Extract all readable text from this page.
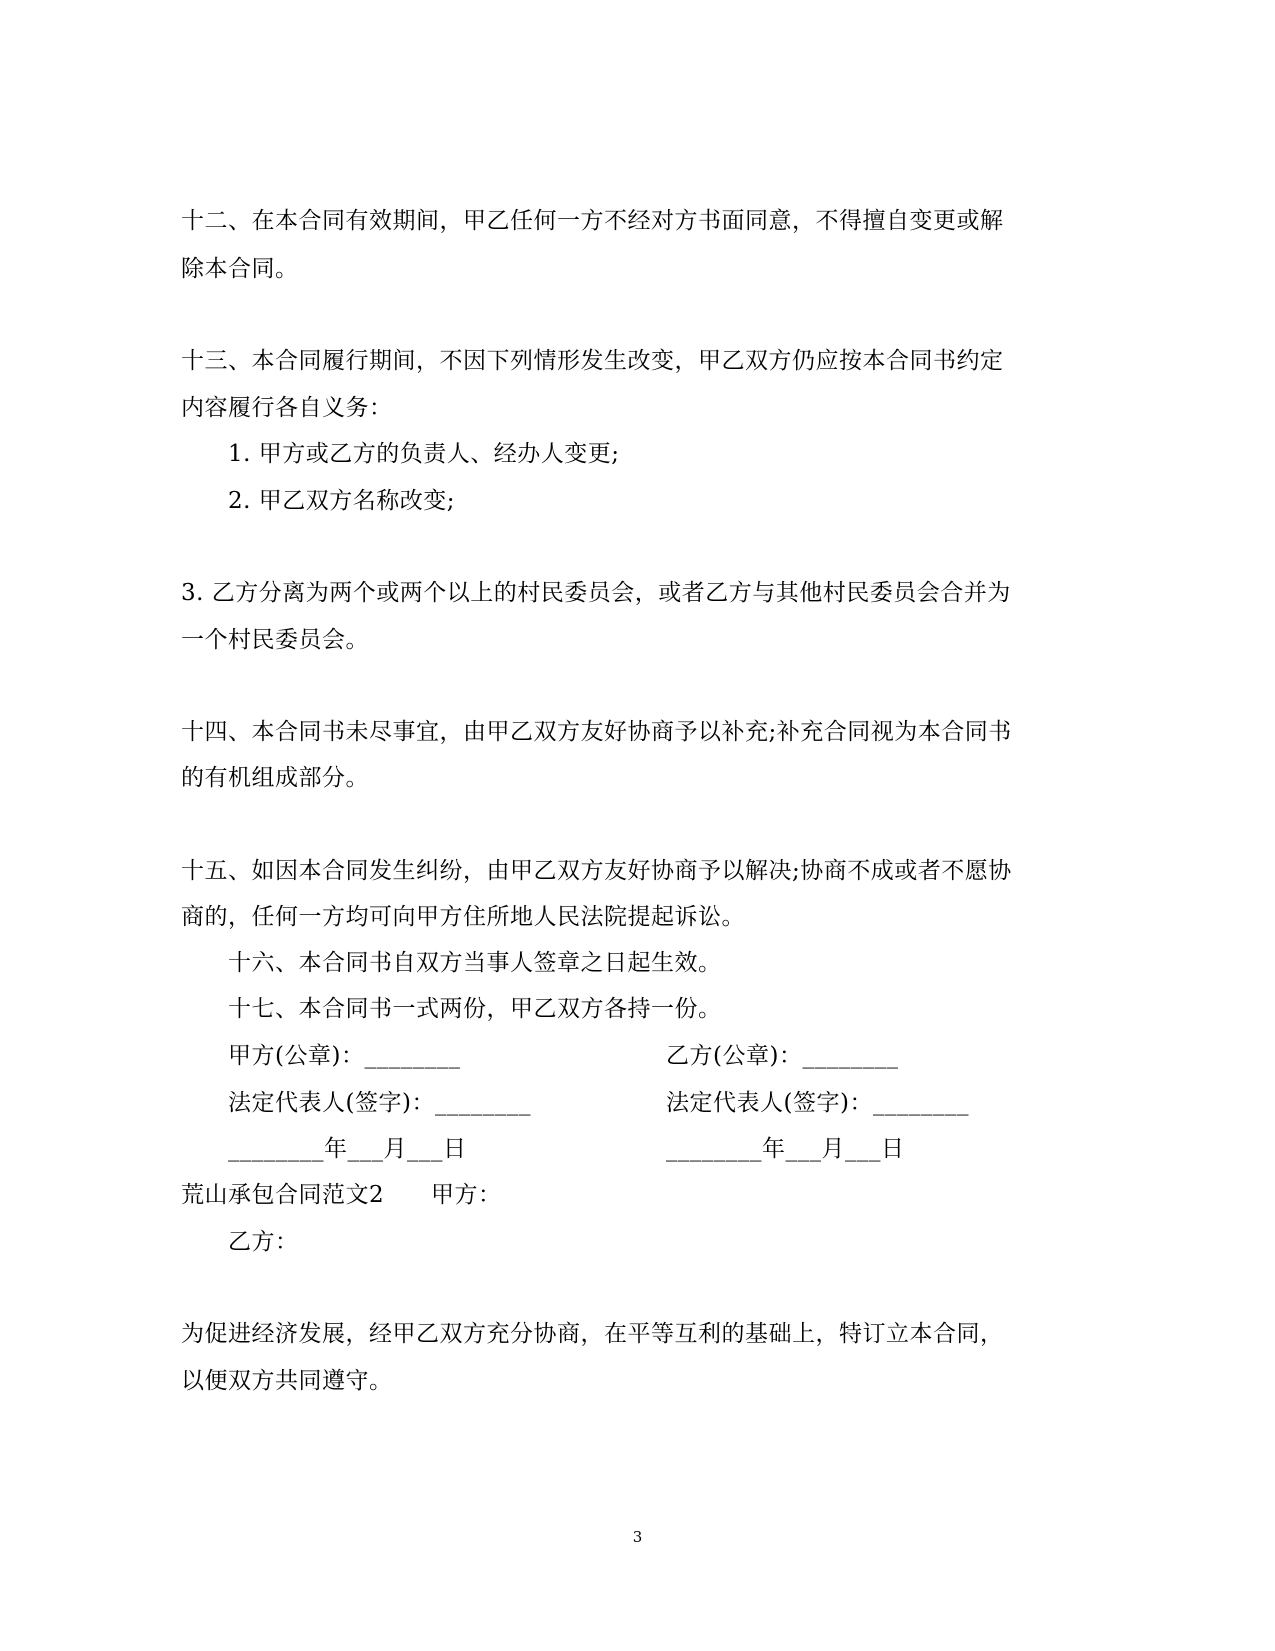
十二、在本合同有效期间，甲乙任何一方不经对方书面同意，不得擅自变更或解
除本合同。
十三、本合同履行期间，不因下列情形发生改变，甲乙双方仍应按本合同书约定
内容履行各自义务：
1. 甲方或乙方的负责人、经办人变更;
2. 甲乙双方名称改变;
3. 乙方分离为两个或两个以上的村民委员会，或者乙方与其他村民委员会合并为
一个村民委员会。
十四、本合同书未尽事宜，由甲乙双方友好协商予以补充;补充合同视为本合同书
的有机组成部分。
十五、如因本合同发生纠纷，由甲乙双方友好协商予以解决;协商不成或者不愿协
商的，任何一方均可向甲方住所地人民法院提起诉讼。
十六、本合同书自双方当事人签章之日起生效。
十七、本合同书一式两份，甲乙双方各持一份。
甲方(公章)：________	乙方(公章)：________
法定代表人(签字)：________	法定代表人(签字)：________
________年___月___日	________年___月___日
荒山承包合同范文2 甲方：
乙方：
为促进经济发展，经甲乙双方充分协商，在平等互利的基础上，特订立本合同，
以便双方共同遵守。
3
